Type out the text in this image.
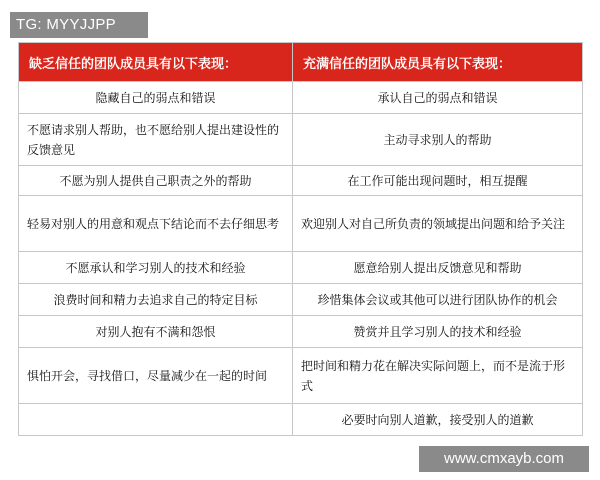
TG: MYYJJPP
缺乏信任的团队成员具有以下表现：	充满信任的团队成员具有以下表现：
隐藏自己的弱点和错误	承认自己的弱点和错误
不愿请求别人帮助，也不愿给别人提出建设性的反馈意见	主动寻求别人的帮助
不愿为别人提供自己职责之外的帮助	在工作可能出现问题时，相互提醒
轻易对别人的用意和观点下结论而不去仔细思考	欢迎别人对自己所负责的领域提出问题和给予关注
不愿承认和学习别人的技术和经验	愿意给别人提出反馈意见和帮助
浪费时间和精力去追求自己的特定目标	珍惜集体会议或其他可以进行团队协作的机会
对别人抱有不满和怨恨	赞赏并且学习别人的技术和经验
惧怕开会，寻找借口，尽量减少在一起的时间	把时间和精力花在解决实际问题上，而不是流于形式
	必要时向别人道歉，接受别人的道歉
www.cmxayb.com
